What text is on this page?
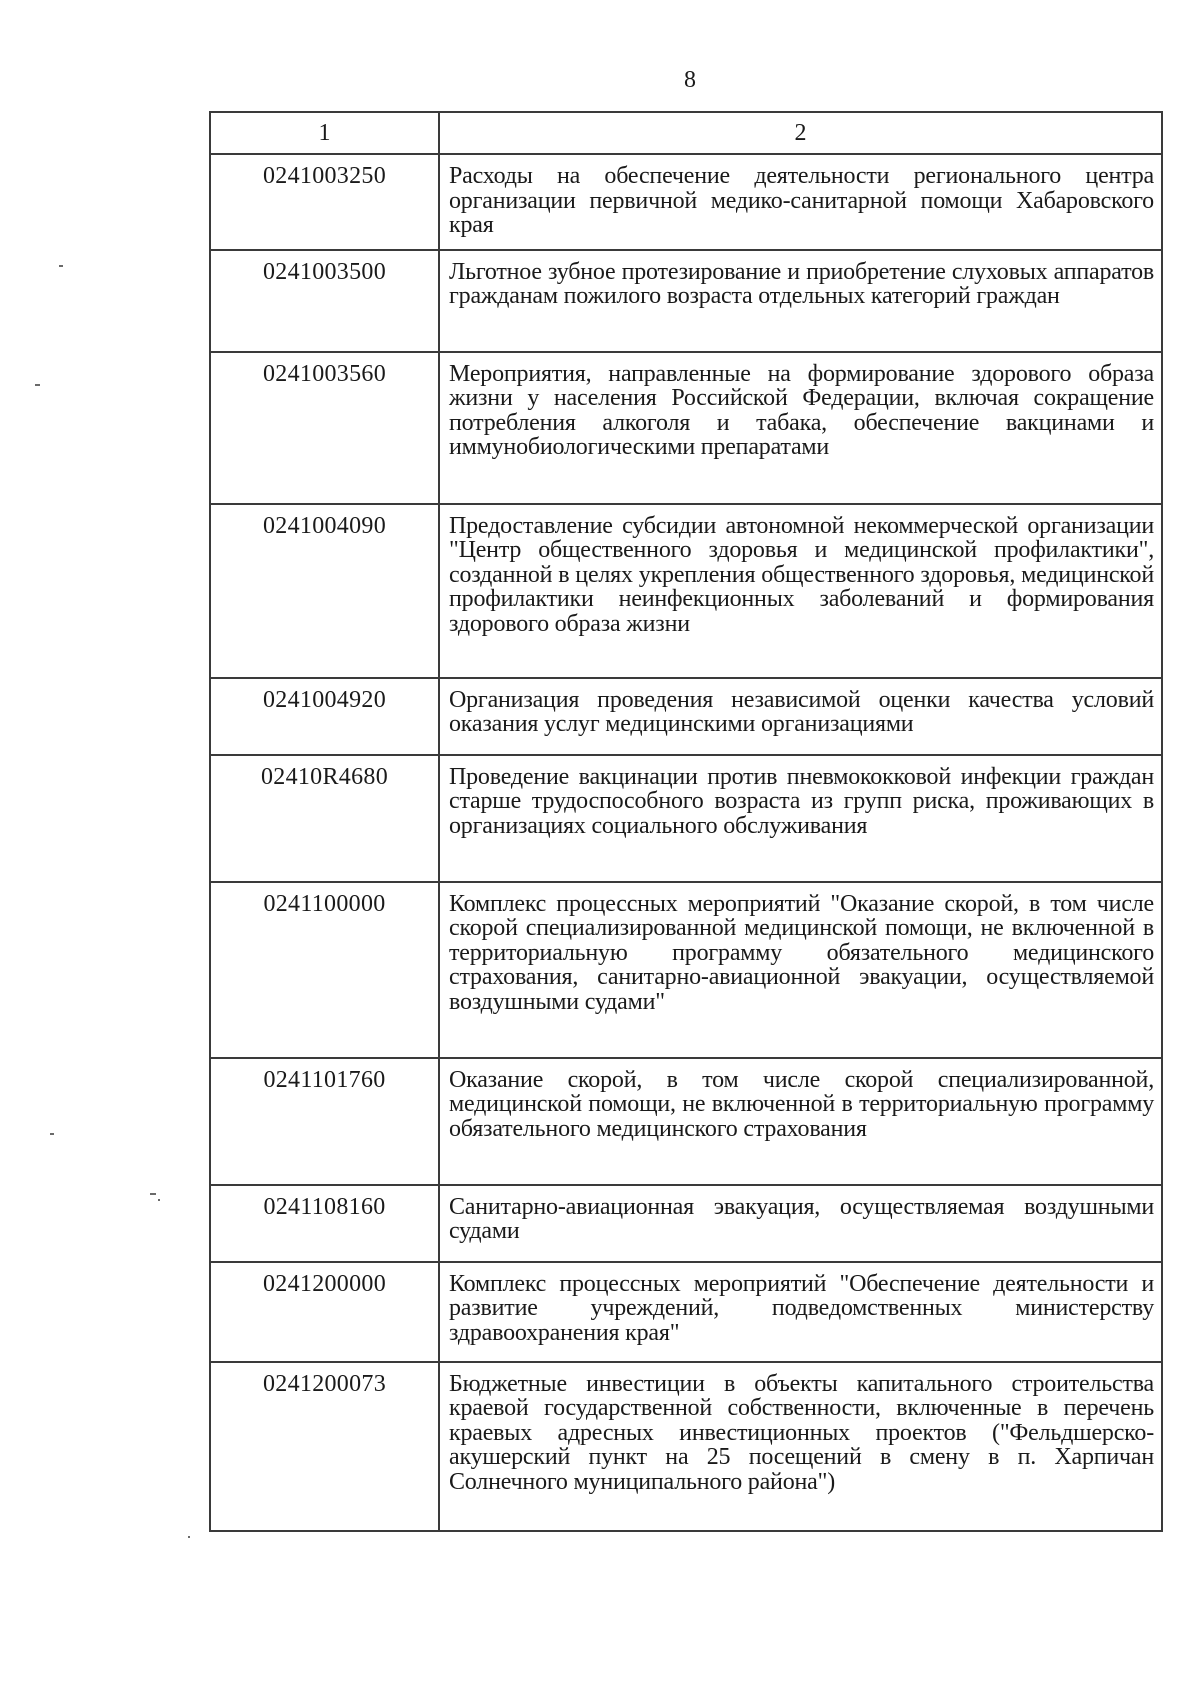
8
1	2
0241003250	Расходы на обеспечение деятельности регионального центра организации первичной медико-санитарной помощи Хабаровского края
0241003500	Льготное зубное протезирование и приобретение слуховых аппаратов гражданам пожилого возраста отдельных категорий граждан
0241003560	Мероприятия, направленные на формирование здорового образа жизни у населения Российской Федерации, включая сокращение потребления алкоголя и табака, обеспечение вакцинами и иммунобиологическими препаратами
0241004090	Предоставление субсидии автономной некоммерческой организации "Центр общественного здоровья и медицинской профилактики", созданной в целях укрепления общественного здоровья, медицинской профилактики неинфекционных заболеваний и формирования здорового образа жизни
0241004920	Организация проведения независимой оценки качества условий оказания услуг медицинскими организациями
02410R4680	Проведение вакцинации против пневмококковой инфекции граждан старше трудоспособного возраста из групп риска, проживающих в организациях социального обслуживания
0241100000	Комплекс процессных мероприятий "Оказание скорой, в том числе скорой специализированной медицинской помощи, не включенной в территориальную программу обязательного медицинского страхования, санитарно-авиационной эвакуации, осуществляемой воздушными судами"
0241101760	Оказание скорой, в том числе скорой специализированной, медицинской помощи, не включенной в территориальную программу обязательного медицинского страхования
0241108160	Санитарно-авиационная эвакуация, осуществляемая воздушными судами
0241200000	Комплекс процессных мероприятий "Обеспечение деятельности и развитие учреждений, подведомственных министерству здравоохранения края"
0241200073	Бюджетные инвестиции в объекты капитального строительства краевой государственной собственности, включенные в перечень краевых адресных инвестиционных проектов ("Фельдшерско-акушерский пункт на 25 посещений в смену в п. Харпичан Солнечного муниципального района")
